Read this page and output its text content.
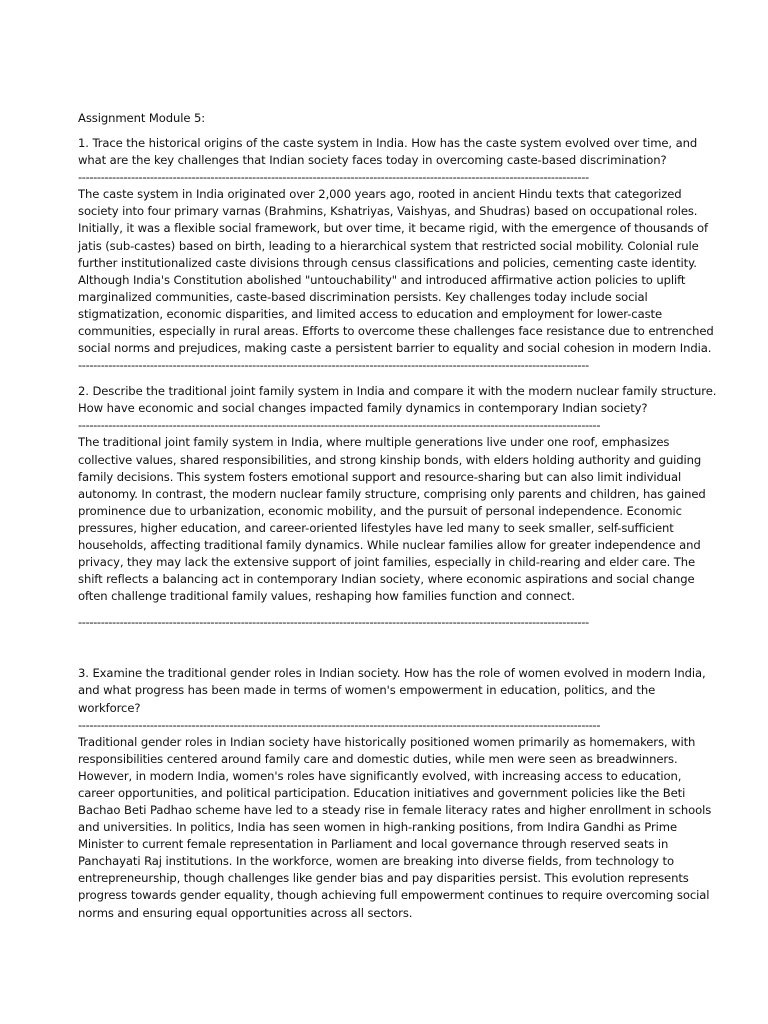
Assignment Module 5:

1. Trace the historical origins of the caste system in India. How has the caste system evolved over time, and what are the key challenges that Indian society faces today in overcoming caste-based discrimination?

---------------------------------------------------------------------------------------------------------------------------------------

The caste system in India originated over 2,000 years ago, rooted in ancient Hindu texts that categorized society into four primary varnas (Brahmins, Kshatriyas, Vaishyas, and Shudras) based on occupational roles. Initially, it was a flexible social framework, but over time, it became rigid, with the emergence of thousands of jatis (sub-castes) based on birth, leading to a hierarchical system that restricted social mobility. Colonial rule further institutionalized caste divisions through census classifications and policies, cementing caste identity. Although India's Constitution abolished "untouchability" and introduced affirmative action policies to uplift marginalized communities, caste-based discrimination persists. Key challenges today include social stigmatization, economic disparities, and limited access to education and employment for lower-caste communities, especially in rural areas. Efforts to overcome these challenges face resistance due to entrenched social norms and prejudices, making caste a persistent barrier to equality and social cohesion in modern India.

---------------------------------------------------------------------------------------------------------------------------------------

2. Describe the traditional joint family system in India and compare it with the modern nuclear family structure. How have economic and social changes impacted family dynamics in contemporary Indian society?

------------------------------------------------------------------------------------------------------------------------------------------

The traditional joint family system in India, where multiple generations live under one roof, emphasizes collective values, shared responsibilities, and strong kinship bonds, with elders holding authority and guiding family decisions. This system fosters emotional support and resource-sharing but can also limit individual autonomy. In contrast, the modern nuclear family structure, comprising only parents and children, has gained prominence due to urbanization, economic mobility, and the pursuit of personal independence. Economic pressures, higher education, and career-oriented lifestyles have led many to seek smaller, self-sufficient households, affecting traditional family dynamics. While nuclear families allow for greater independence and privacy, they may lack the extensive support of joint families, especially in child-rearing and elder care. The shift reflects a balancing act in contemporary Indian society, where economic aspirations and social change often challenge traditional family values, reshaping how families function and connect.

---------------------------------------------------------------------------------------------------------------------------------------

3. Examine the traditional gender roles in Indian society. How has the role of women evolved in modern India, and what progress has been made in terms of women's empowerment in education, politics, and the workforce?

------------------------------------------------------------------------------------------------------------------------------------------

Traditional gender roles in Indian society have historically positioned women primarily as homemakers, with responsibilities centered around family care and domestic duties, while men were seen as breadwinners. However, in modern India, women's roles have significantly evolved, with increasing access to education, career opportunities, and political participation. Education initiatives and government policies like the Beti Bachao Beti Padhao scheme have led to a steady rise in female literacy rates and higher enrollment in schools and universities. In politics, India has seen women in high-ranking positions, from Indira Gandhi as Prime Minister to current female representation in Parliament and local governance through reserved seats in Panchayati Raj institutions. In the workforce, women are breaking into diverse fields, from technology to entrepreneurship, though challenges like gender bias and pay disparities persist. This evolution represents progress towards gender equality, though achieving full empowerment continues to require overcoming social norms and ensuring equal opportunities across all sectors.
